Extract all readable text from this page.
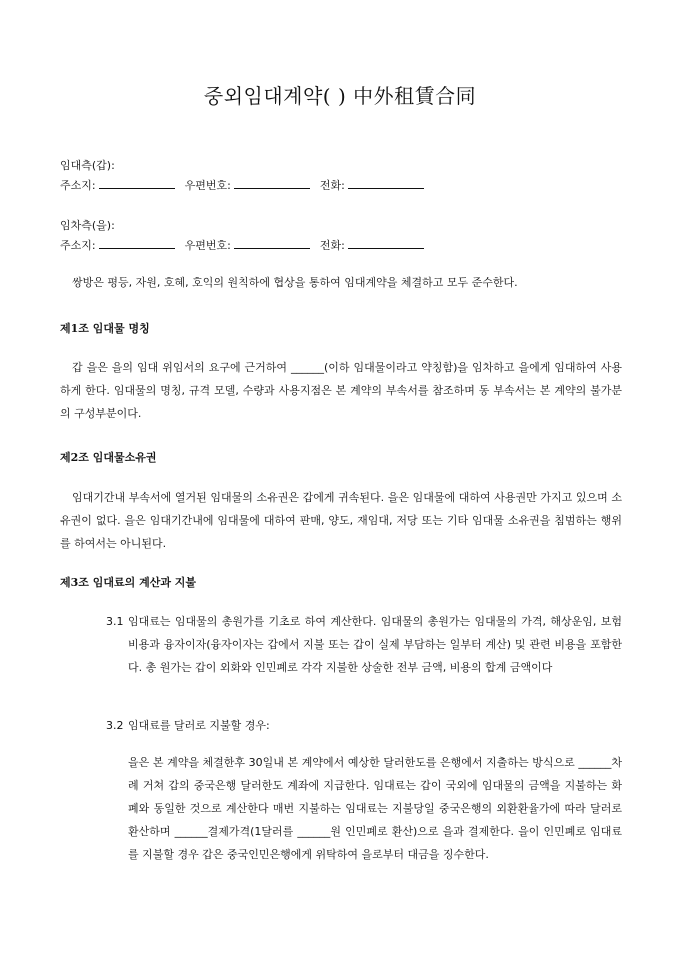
중외임대계약( ) 中外租賃合同
임대측(갑):
주소지:	우편번호:	전화:
임차측(을):
주소지:	우편번호:	전화:

쌍방은 평등, 자원, 호혜, 호익의 원칙하에 협상을 통하여 임대계약을 체결하고 모두 준수한다.

제1조 임대물 명칭

갑 을은 을의 임대 위임서의 요구에 근거하여 ______(이하 임대물이라고 약칭함)을 임차하고 을에게 임대하여 사용하게 한다. 임대물의 명칭, 규격 모델, 수량과 사용지점은 본 계약의 부속서를 참조하며 동 부속서는 본 계약의 불가분의 구성부분이다.

제2조 임대물소유권

임대기간내 부속서에 열거된 임대물의 소유권은 갑에게 귀속된다. 을은 임대물에 대하여 사용권만 가지고 있으며 소유권이 없다. 을은 임대기간내에 임대물에 대하여 판매, 양도, 재임대, 저당 또는 기타 임대물 소유권을 침범하는 행위를 하여서는 아니된다.

제3조 임대료의 계산과 지불
3.1 임대료는 임대물의 총원가를 기초로 하여 계산한다. 임대물의 총원가는 임대물의 가격, 해상운임, 보험비용과 융자이자(융자이자는 갑에서 지불 또는 갑이 실제 부담하는 일부터 계산) 및 관련 비용을 포함한다. 총 원가는 갑이 외화와 인민폐로 각각 지불한 상술한 전부 금액, 비용의 합계 금액이다

3.2 임대료를 달러로 지불할 경우:

을은 본 계약을 체결한후 30일내 본 계약에서 예상한 달러한도를 은행에서 지출하는 방식으로 ______차례 거쳐 갑의 중국은행 달러한도 계좌에 지급한다. 임대료는 갑이 국외에 임대물의 금액을 지불하는 화폐와 동일한 것으로 계산한다 매번 지불하는 임대료는 지불당일 중국은행의 외환환율가에 따라 달러로 환산하며 ______결제가격(1달러를 ______원 인민폐로 환산)으로 을과 결제한다. 을이 인민폐로 임대료를 지불할 경우 갑은 중국인민은행에게 위탁하여 을로부터 대금을 징수한다.
